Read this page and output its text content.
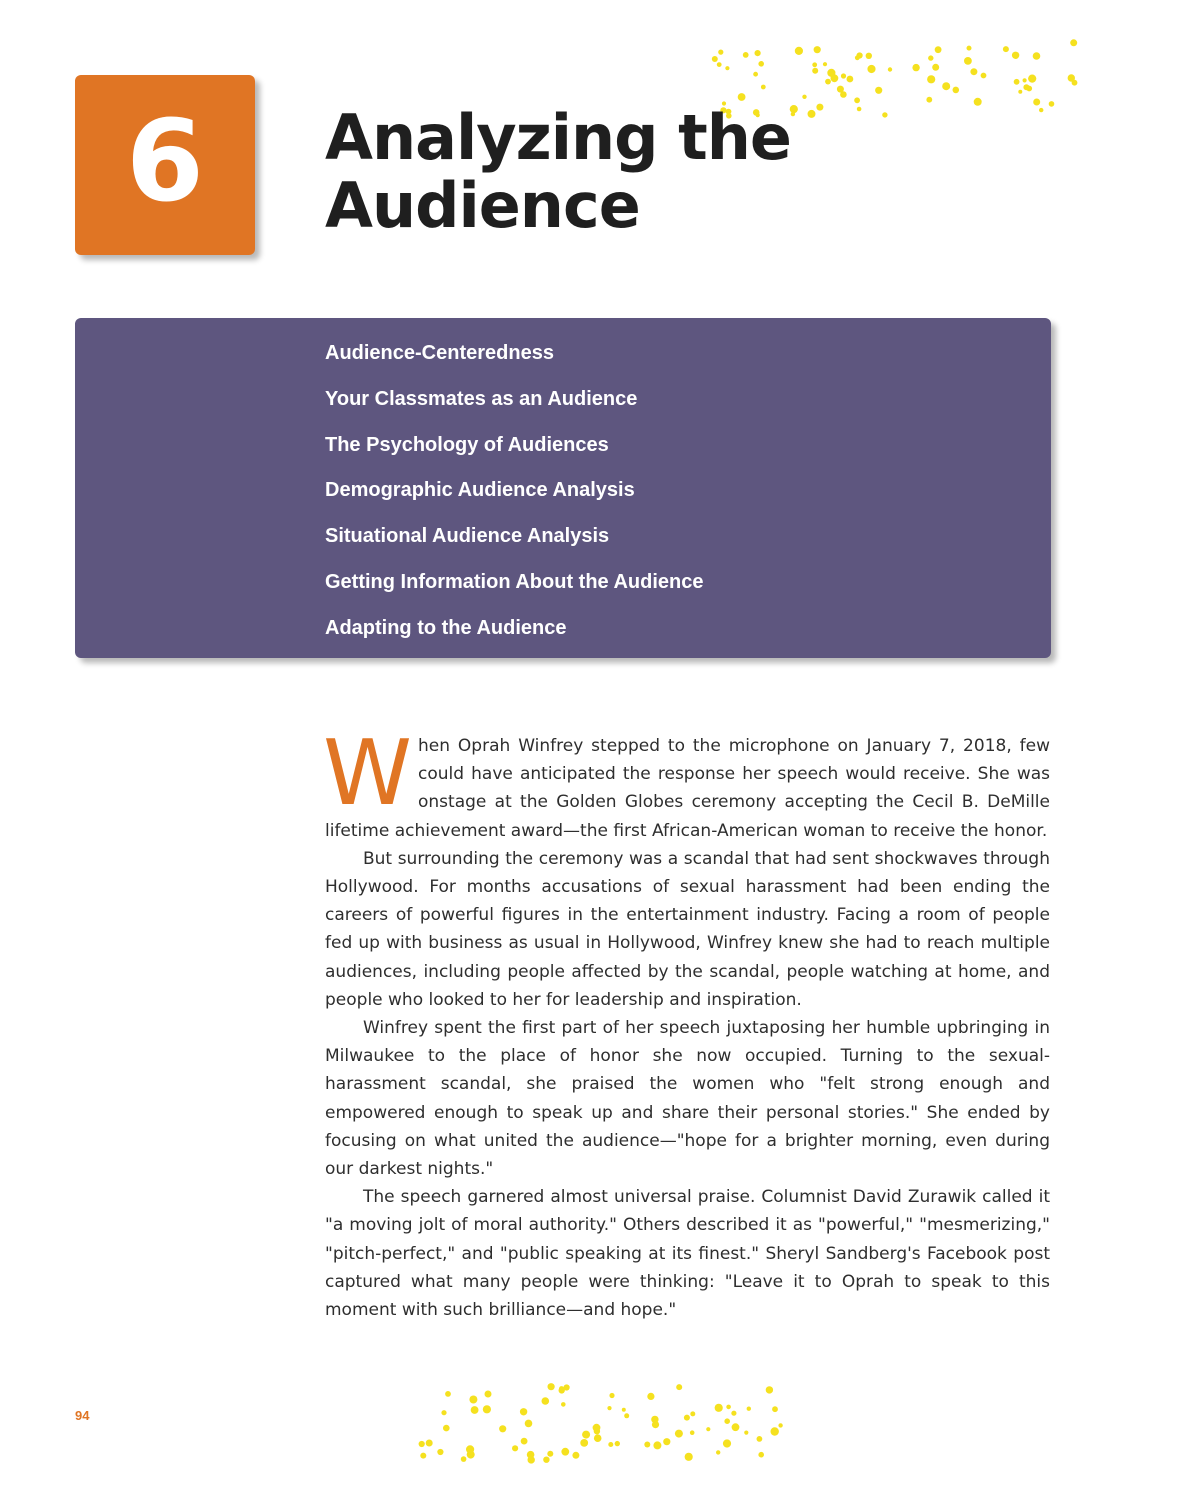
6 Analyzing the
Audience
Audience-Centeredness
Your Classmates as an Audience
The Psychology of Audiences
Demographic Audience Analysis
Situational Audience Analysis
Getting Information About the Audience
Adapting to the Audience

When Oprah Winfrey stepped to the microphone on January 7, 2018, few could have anticipated the response her speech would receive. She was onstage at the Golden Globes ceremony accepting the Cecil B. DeMille lifetime achievement award—the first African-American woman to receive the honor.

But surrounding the ceremony was a scandal that had sent shockwaves through Hollywood. For months accusations of sexual harassment had been ending the careers of powerful figures in the entertainment industry. Facing a room of people fed up with business as usual in Hollywood, Winfrey knew she had to reach multiple audiences, including people affected by the scandal, people watching at home, and people who looked to her for leadership and inspiration.

Winfrey spent the first part of her speech juxtaposing her humble upbringing in Milwaukee to the place of honor she now occupied. Turning to the sexual-harassment scandal, she praised the women who "felt strong enough and empowered enough to speak up and share their personal stories." She ended by focusing on what united the audience—"hope for a brighter morning, even during our darkest nights."

The speech garnered almost universal praise. Columnist David Zurawik called it "a moving jolt of moral authority." Others described it as "powerful," "mesmerizing," "pitch-perfect," and "public speaking at its finest." Sheryl Sandberg's Facebook post captured what many people were thinking: "Leave it to Oprah to speak to this moment with such brilliance—and hope."

94
